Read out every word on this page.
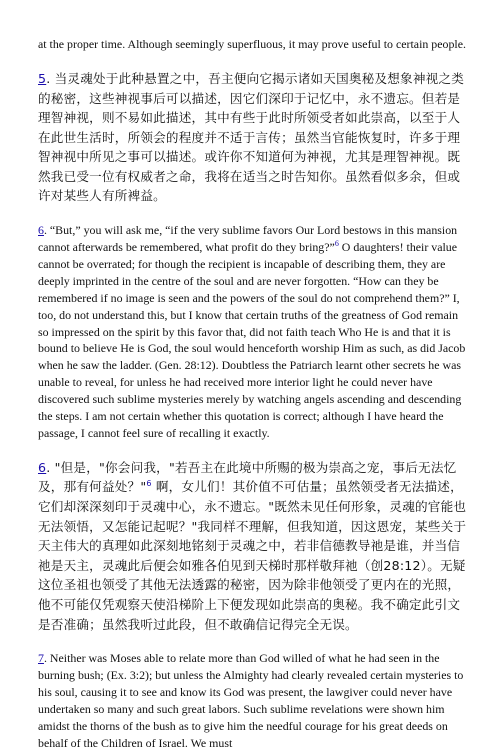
at the proper time. Although seemingly superfluous, it may prove useful to certain people.

5. 当灵魂处于此种悬置之中，吾主便向它揭示诸如天国奥秘及想象神视之类的秘密，这些神视事后可以描述，因它们深印于记忆中，永不遗忘。但若是理智神视，则不易如此描述，其中有些于此时所领受者如此崇高，以至于人在此世生活时，所领会的程度并不适于言传；虽然当官能恢复时，许多于理智神视中所见之事可以描述。或许你不知道何为神视，尤其是理智神视。既然我已受一位有权威者之命，我将在适当之时告知你。虽然看似多余，但或许对某些人有所裨益。

6. “But,” you will ask me, “if the very sublime favors Our Lord bestows in this mansion cannot afterwards be remembered, what profit do they bring?”$^6$ O daughters! their value cannot be overrated; for though the recipient is incapable of describing them, they are deeply imprinted in the centre of the soul and are never forgotten. “How can they be remembered if no image is seen and the powers of the soul do not comprehend them?” I, too, do not understand this, but I know that certain truths of the greatness of God remain so impressed on the spirit by this favor that, did not faith teach Who He is and that it is bound to believe He is God, the soul would henceforth worship Him as such, as did Jacob when he saw the ladder. (Gen. 28:12). Doubtless the Patriarch learnt other secrets he was unable to reveal, for unless he had received more interior light he could never have discovered such sublime mysteries merely by watching angels ascending and descending the steps. I am not certain whether this quotation is correct; although I have heard the passage, I cannot feel sure of recalling it exactly.

6. "但是，"你会问我，"若吾主在此境中所赐的极为崇高之宠，事后无法忆及，那有何益处？"$^6$ 啊，女儿们！其价值不可估量；虽然领受者无法描述，它们却深深刻印于灵魂中心，永不遗忘。"既然未见任何形象，灵魂的官能也无法领悟，又怎能记起呢？"我同样不理解，但我知道，因这恩宠，某些关于天主伟大的真理如此深刻地铭刻于灵魂之中，若非信德教导祂是谁，并当信祂是天主，灵魂此后便会如雅各伯见到天梯时那样敬拜祂（创28:12）。无疑这位圣祖也领受了其他无法透露的秘密，因为除非他领受了更内在的光照，他不可能仅凭观察天使沿梯阶上下便发现如此崇高的奥秘。我不确定此引文是否准确；虽然我听过此段，但不敢确信记得完全无误。

7. Neither was Moses able to relate more than God willed of what he had seen in the burning bush; (Ex. 3:2); but unless the Almighty had clearly revealed certain mysteries to his soul, causing it to see and know its God was present, the lawgiver could never have undertaken so many and such great labors. Such sublime revelations were shown him amidst the thorns of the bush as to give him the needful courage for his great deeds on behalf of the Children of Israel. We must
